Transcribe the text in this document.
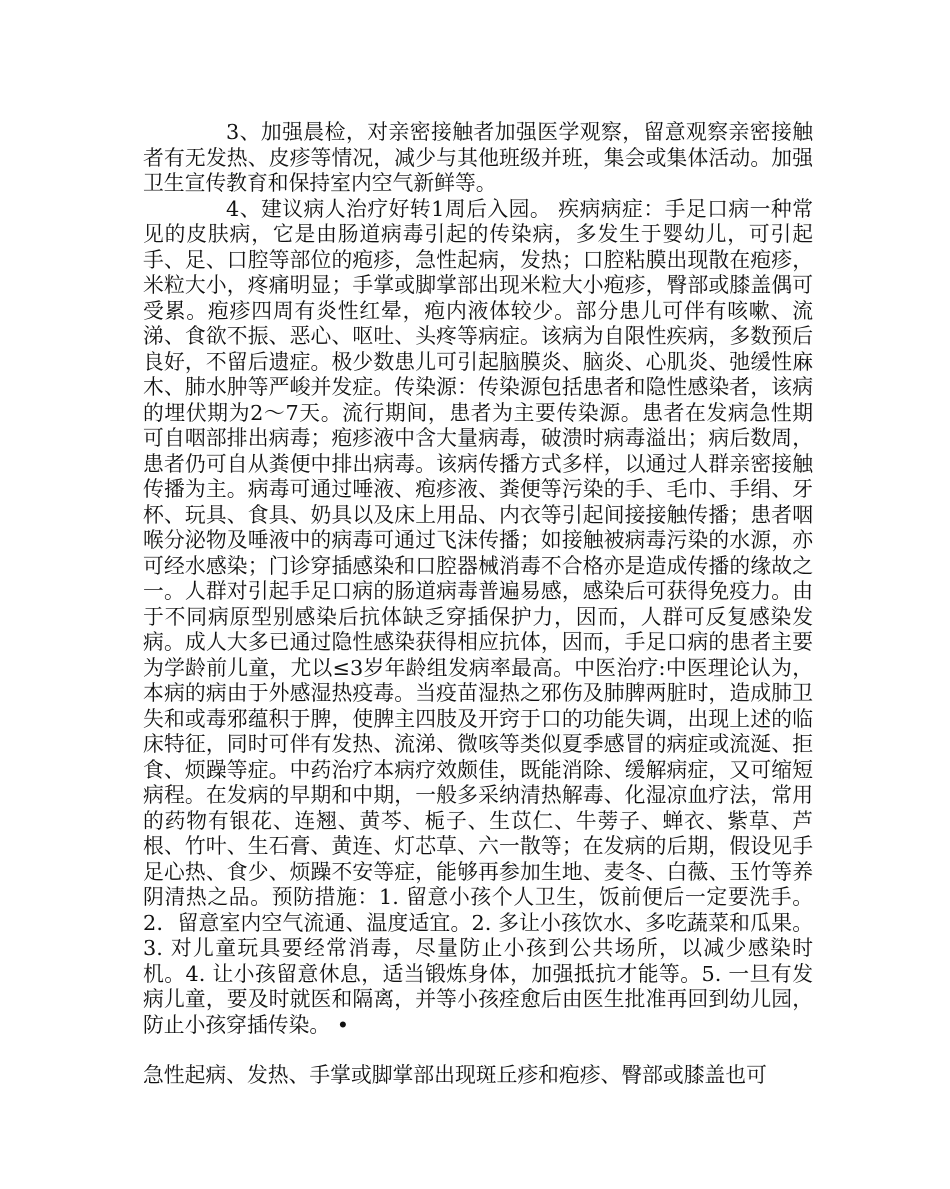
3、加强晨检，对亲密接触者加强医学观察，留意观察亲密接触者有无发热、皮疹等情况，减少与其他班级并班，集会或集体活动。加强卫生宣传教育和保持室内空气新鲜等。

4、建议病人治疗好转1周后入园。 疾病病症：手足口病一种常见的皮肤病，它是由肠道病毒引起的传染病，多发生于婴幼儿，可引起手、足、口腔等部位的疱疹，急性起病，发热；口腔粘膜出现散在疱疹，米粒大小，疼痛明显；手掌或脚掌部出现米粒大小疱疹，臀部或膝盖偶可受累。疱疹四周有炎性红晕，疱内液体较少。部分患儿可伴有咳嗽、流涕、食欲不振、恶心、呕吐、头疼等病症。该病为自限性疾病，多数预后良好，不留后遗症。极少数患儿可引起脑膜炎、脑炎、心肌炎、弛缓性麻木、肺水肿等严峻并发症。传染源：传染源包括患者和隐性感染者，该病的埋伏期为2～7天。流行期间，患者为主要传染源。患者在发病急性期可自咽部排出病毒；疱疹液中含大量病毒，破溃时病毒溢出；病后数周，患者仍可自从粪便中排出病毒。该病传播方式多样，以通过人群亲密接触传播为主。病毒可通过唾液、疱疹液、粪便等污染的手、毛巾、手绢、牙杯、玩具、食具、奶具以及床上用品、内衣等引起间接接触传播；患者咽喉分泌物及唾液中的病毒可通过飞沫传播；如接触被病毒污染的水源，亦可经水感染；门诊穿插感染和口腔器械消毒不合格亦是造成传播的缘故之一。人群对引起手足口病的肠道病毒普遍易感，感染后可获得免疫力。由于不同病原型别感染后抗体缺乏穿插保护力，因而，人群可反复感染发病。成人大多已通过隐性感染获得相应抗体，因而，手足口病的患者主要为学龄前儿童，尤以≤3岁年龄组发病率最高。中医治疗:中医理论认为，本病的病由于外感湿热疫毒。当疫苗湿热之邪伤及肺脾两脏时，造成肺卫失和或毒邪蕴积于脾，使脾主四肢及开窍于口的功能失调，出现上述的临床特征，同时可伴有发热、流涕、微咳等类似夏季感冒的病症或流涎、拒食、烦躁等症。中药治疗本病疗效颇佳，既能消除、缓解病症，又可缩短病程。在发病的早期和中期，一般多采纳清热解毒、化湿凉血疗法，常用的药物有银花、连翘、黄芩、栀子、生苡仁、牛蒡子、蝉衣、紫草、芦根、竹叶、生石膏、黄连、灯芯草、六一散等；在发病的后期，假设见手足心热、食少、烦躁不安等症，能够再参加生地、麦冬、白薇、玉竹等养阴清热之品。预防措施：1. 留意小孩个人卫生，饭前便后一定要洗手。2．留意室内空气流通、温度适宜。2. 多让小孩饮水、多吃蔬菜和瓜果。3. 对儿童玩具要经常消毒，尽量防止小孩到公共场所，以减少感染时机。4. 让小孩留意休息，适当锻炼身体，加强抵抗才能等。5. 一旦有发病儿童，要及时就医和隔离，并等小孩痊愈后由医生批准再回到幼儿园，防止小孩穿插传染。 •

急性起病、发热、手掌或脚掌部出现斑丘疹和疱疹、臀部或膝盖也可
